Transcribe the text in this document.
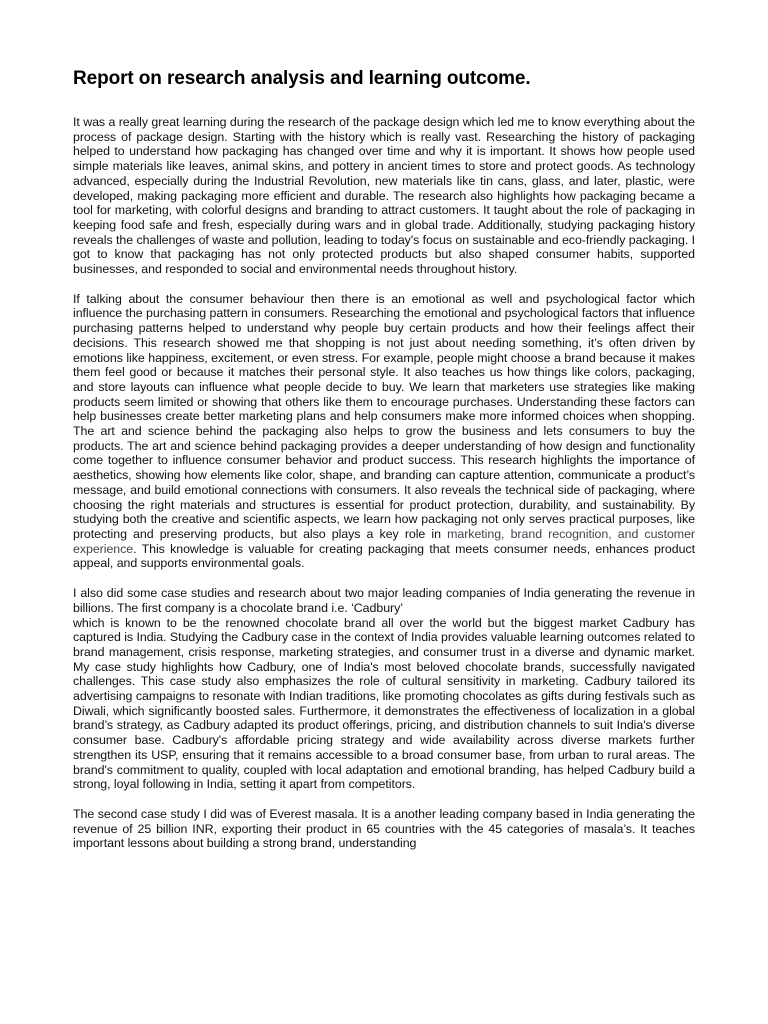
Report on research analysis and learning outcome.

It was a really great learning during the research of the package design which led me to know everything about the process of package design. Starting with the history which is really vast. Researching the history of packaging helped to understand how packaging has changed over time and why it is important. It shows how people used simple materials like leaves, animal skins, and pottery in ancient times to store and protect goods. As technology advanced, especially during the Industrial Revolution, new materials like tin cans, glass, and later, plastic, were developed, making packaging more efficient and durable. The research also highlights how packaging became a tool for marketing, with colorful designs and branding to attract customers. It taught about the role of packaging in keeping food safe and fresh, especially during wars and in global trade. Additionally, studying packaging history reveals the challenges of waste and pollution, leading to today's focus on sustainable and eco-friendly packaging. I got to know that packaging has not only protected products but also shaped consumer habits, supported businesses, and responded to social and environmental needs throughout history.

If talking about the consumer behaviour then there is an emotional as well and psychological factor which influence the purchasing pattern in consumers. Researching the emotional and psychological factors that influence purchasing patterns helped to understand why people buy certain products and how their feelings affect their decisions. This research showed me that shopping is not just about needing something, it’s often driven by emotions like happiness, excitement, or even stress. For example, people might choose a brand because it makes them feel good or because it matches their personal style. It also teaches us how things like colors, packaging, and store layouts can influence what people decide to buy. We learn that marketers use strategies like making products seem limited or showing that others like them to encourage purchases. Understanding these factors can help businesses create better marketing plans and help consumers make more informed choices when shopping. The art and science behind the packaging also helps to grow the business and lets consumers to buy the products. The art and science behind packaging provides a deeper understanding of how design and functionality come together to influence consumer behavior and product success. This research highlights the importance of aesthetics, showing how elements like color, shape, and branding can capture attention, communicate a product’s message, and build emotional connections with consumers. It also reveals the technical side of packaging, where choosing the right materials and structures is essential for product protection, durability, and sustainability. By studying both the creative and scientific aspects, we learn how packaging not only serves practical purposes, like protecting and preserving products, but also plays a key role in marketing, brand recognition, and customer experience. This knowledge is valuable for creating packaging that meets consumer needs, enhances product appeal, and supports environmental goals.

I also did some case studies and research about two major leading companies of India generating the revenue in billions. The first company is a chocolate brand i.e. ‘Cadbury’
which is known to be the renowned chocolate brand all over the world but the biggest market Cadbury has captured is India. Studying the Cadbury case in the context of India provides valuable learning outcomes related to brand management, crisis response, marketing strategies, and consumer trust in a diverse and dynamic market. My case study highlights how Cadbury, one of India's most beloved chocolate brands, successfully navigated challenges. This case study also emphasizes the role of cultural sensitivity in marketing. Cadbury tailored its advertising campaigns to resonate with Indian traditions, like promoting chocolates as gifts during festivals such as Diwali, which significantly boosted sales. Furthermore, it demonstrates the effectiveness of localization in a global brand’s strategy, as Cadbury adapted its product offerings, pricing, and distribution channels to suit India's diverse consumer base. Cadbury's affordable pricing strategy and wide availability across diverse markets further strengthen its USP, ensuring that it remains accessible to a broad consumer base, from urban to rural areas. The brand's commitment to quality, coupled with local adaptation and emotional branding, has helped Cadbury build a strong, loyal following in India, setting it apart from competitors.

The second case study I did was of Everest masala. It is a another leading company based in India generating the revenue of 25 billion INR, exporting their product in 65 countries with the 45 categories of masala’s. It teaches important lessons about building a strong brand, understanding
